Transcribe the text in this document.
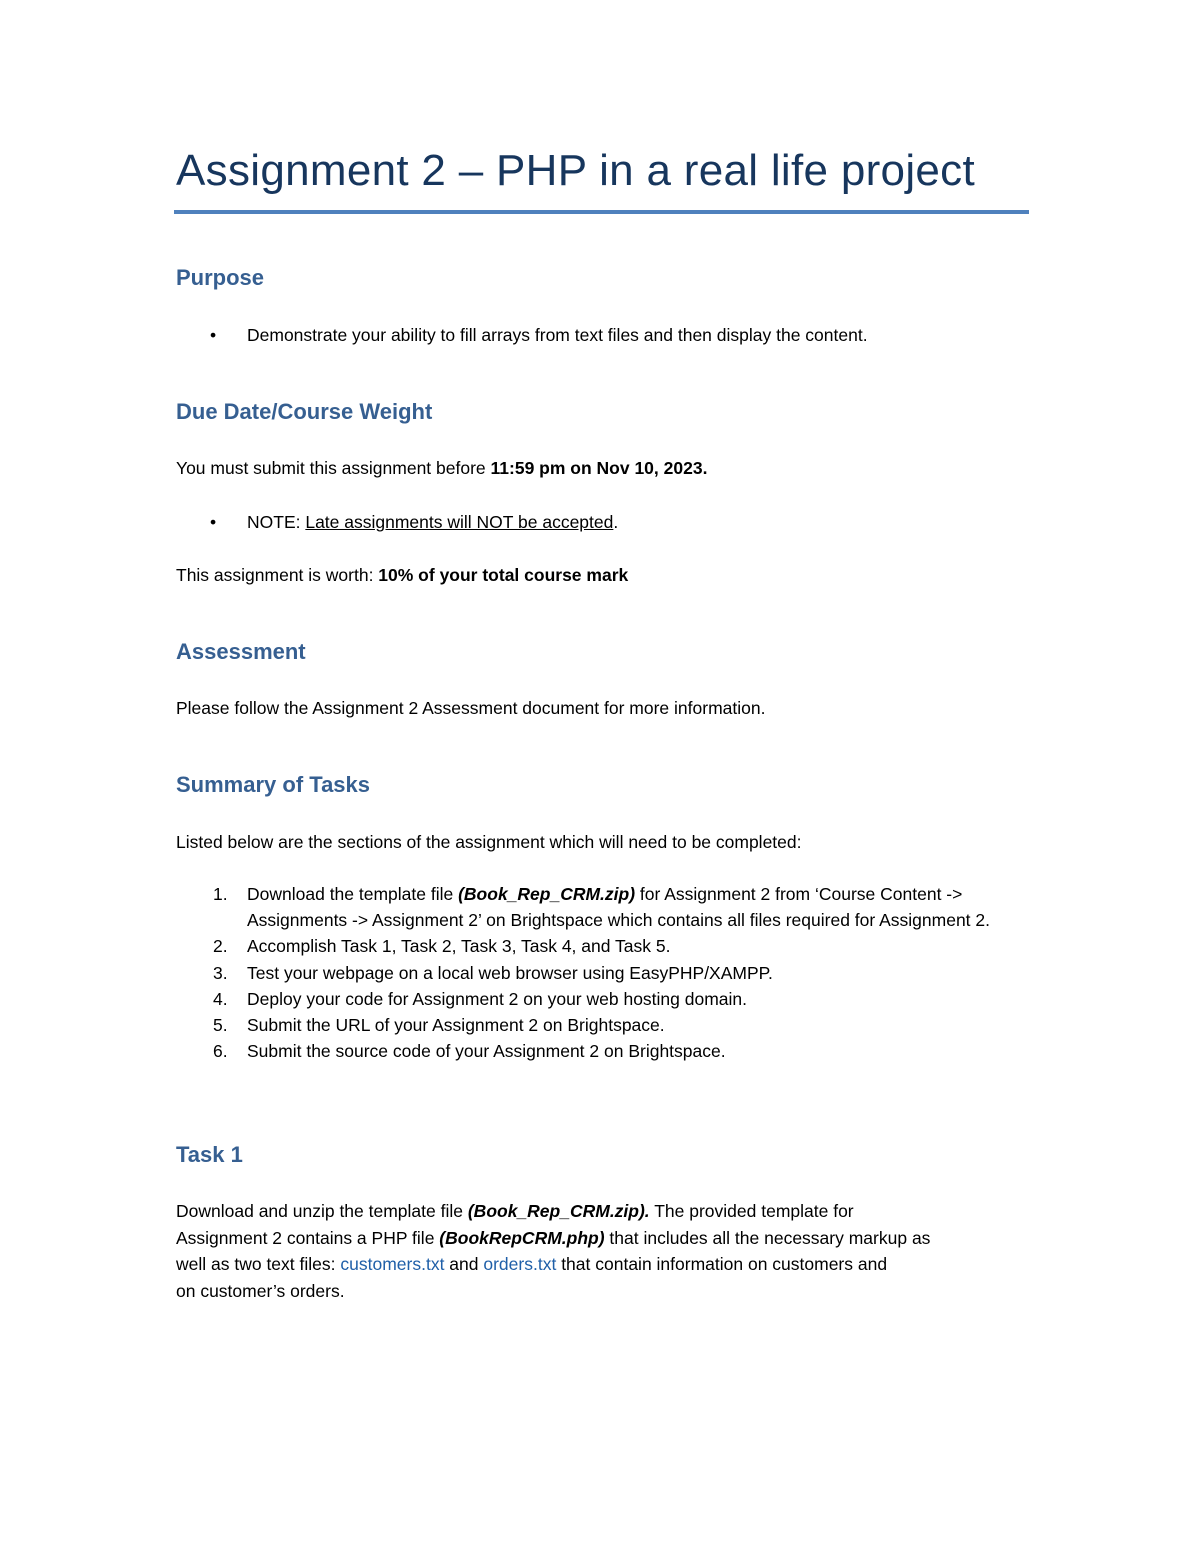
Assignment 2 – PHP in a real life project
Purpose
• Demonstrate your ability to fill arrays from text files and then display the content.
Due Date/Course Weight
You must submit this assignment before 11:59 pm on Nov 10, 2023.
• NOTE: Late assignments will NOT be accepted.
This assignment is worth: 10% of your total course mark
Assessment
Please follow the Assignment 2 Assessment document for more information.
Summary of Tasks
Listed below are the sections of the assignment which will need to be completed:
1. Download the template file (Book_Rep_CRM.zip) for Assignment 2 from ‘Course Content -> Assignments -> Assignment 2’ on Brightspace which contains all files required for Assignment 2.
2. Accomplish Task 1, Task 2, Task 3, Task 4, and Task 5.
3. Test your webpage on a local web browser using EasyPHP/XAMPP.
4. Deploy your code for Assignment 2 on your web hosting domain.
5. Submit the URL of your Assignment 2 on Brightspace.
6. Submit the source code of your Assignment 2 on Brightspace.
Task 1
Download and unzip the template file (Book_Rep_CRM.zip). The provided template for
Assignment 2 contains a PHP file (BookRepCRM.php) that includes all the necessary markup as
well as two text files: customers.txt and orders.txt that contain information on customers and
on customer’s orders.
